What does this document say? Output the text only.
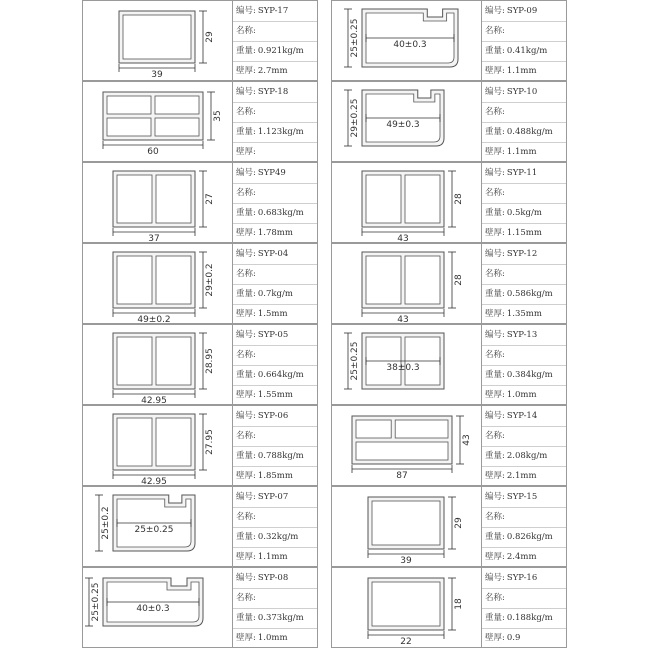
39
29
编号: SYP-17
名称:
重量: 0.921kg/m
壁厚: 2.7mm
60
35
编号: SYP-18
名称:
重量: 1.123kg/m
壁厚:
37
27
编号: SYP49
名称:
重量: 0.683kg/m
壁厚: 1.78mm
49±0.2
29±0.2
编号: SYP-04
名称:
重量: 0.7kg/m
壁厚: 1.5mm
42.95
28.95
编号: SYP-05
名称:
重量: 0.664kg/m
壁厚: 1.55mm
42.95
27.95
编号: SYP-06
名称:
重量: 0.788kg/m
壁厚: 1.85mm
25±0.25
25±0.2
编号: SYP-07
名称:
重量: 0.32kg/m
壁厚: 1.1mm
40±0.3
25±0.25
编号: SYP-08
名称:
重量: 0.373kg/m
壁厚: 1.0mm
40±0.3
25±0.25
编号: SYP-09
名称:
重量: 0.41kg/m
壁厚: 1.1mm
49±0.3
29±0.25
编号: SYP-10
名称:
重量: 0.488kg/m
壁厚: 1.1mm
43
28
编号: SYP-11
名称:
重量: 0.5kg/m
壁厚: 1.15mm
43
28
编号: SYP-12
名称:
重量: 0.586kg/m
壁厚: 1.35mm
38±0.3
25±0.25
编号: SYP-13
名称:
重量: 0.384kg/m
壁厚: 1.0mm
87
43
编号: SYP-14
名称:
重量: 2.08kg/m
壁厚: 2.1mm
39
29
编号: SYP-15
名称:
重量: 0.826kg/m
壁厚: 2.4mm
22
18
编号: SYP-16
名称:
重量: 0.188kg/m
壁厚: 0.9
